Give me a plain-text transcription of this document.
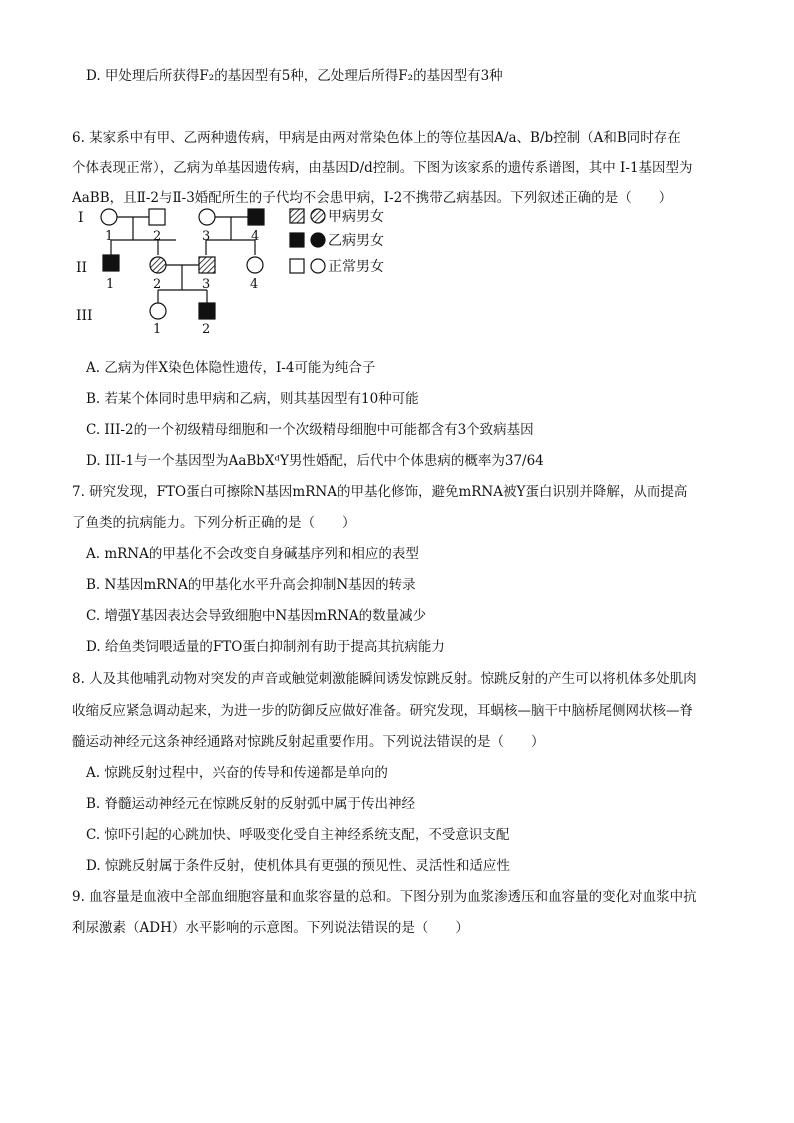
D. 甲处理后所获得F₂的基因型有5种，乙处理后所得F₂的基因型有3种
6. 某家系中有甲、乙两种遗传病，甲病是由两对常染色体上的等位基因A/a、B/b控制（A和B同时存在
个体表现正常），乙病为单基因遗传病，由基因D/d控制。下图为该家系的遗传系谱图，其中 I-1基因型为
AaBB，且Ⅱ-2与Ⅱ-3婚配所生的子代均不会患甲病，I-2不携带乙病基因。下列叙述正确的是（　　）
I
II
III
1	2	3	4
1	2	3	4
1	2
甲病男女
乙病男女
正常男女
A. 乙病为伴X染色体隐性遗传，I-4可能为纯合子
B. 若某个体同时患甲病和乙病，则其基因型有10种可能
C. III-2的一个初级精母细胞和一个次级精母细胞中可能都含有3个致病基因
D. III-1与一个基因型为AaBbXᵈY男性婚配，后代中个体患病的概率为37/64
7. 研究发现，FTO蛋白可擦除N基因mRNA的甲基化修饰，避免mRNA被Y蛋白识别并降解，从而提高
了鱼类的抗病能力。下列分析正确的是（　　）
A. mRNA的甲基化不会改变自身碱基序列和相应的表型
B. N基因mRNA的甲基化水平升高会抑制N基因的转录
C. 增强Y基因表达会导致细胞中N基因mRNA的数量减少
D. 给鱼类饲喂适量的FTO蛋白抑制剂有助于提高其抗病能力
8. 人及其他哺乳动物对突发的声音或触觉刺激能瞬间诱发惊跳反射。惊跳反射的产生可以将机体多处肌肉
收缩反应紧急调动起来，为进一步的防御反应做好准备。研究发现，耳蜗核—脑干中脑桥尾侧网状核—脊
髓运动神经元这条神经通路对惊跳反射起重要作用。下列说法错误的是（　　）
A. 惊跳反射过程中，兴奋的传导和传递都是单向的
B. 脊髓运动神经元在惊跳反射的反射弧中属于传出神经
C. 惊吓引起的心跳加快、呼吸变化受自主神经系统支配，不受意识支配
D. 惊跳反射属于条件反射，使机体具有更强的预见性、灵活性和适应性
9. 血容量是血液中全部血细胞容量和血浆容量的总和。下图分别为血浆渗透压和血容量的变化对血浆中抗
利尿激素（ADH）水平影响的示意图。下列说法错误的是（　　）
